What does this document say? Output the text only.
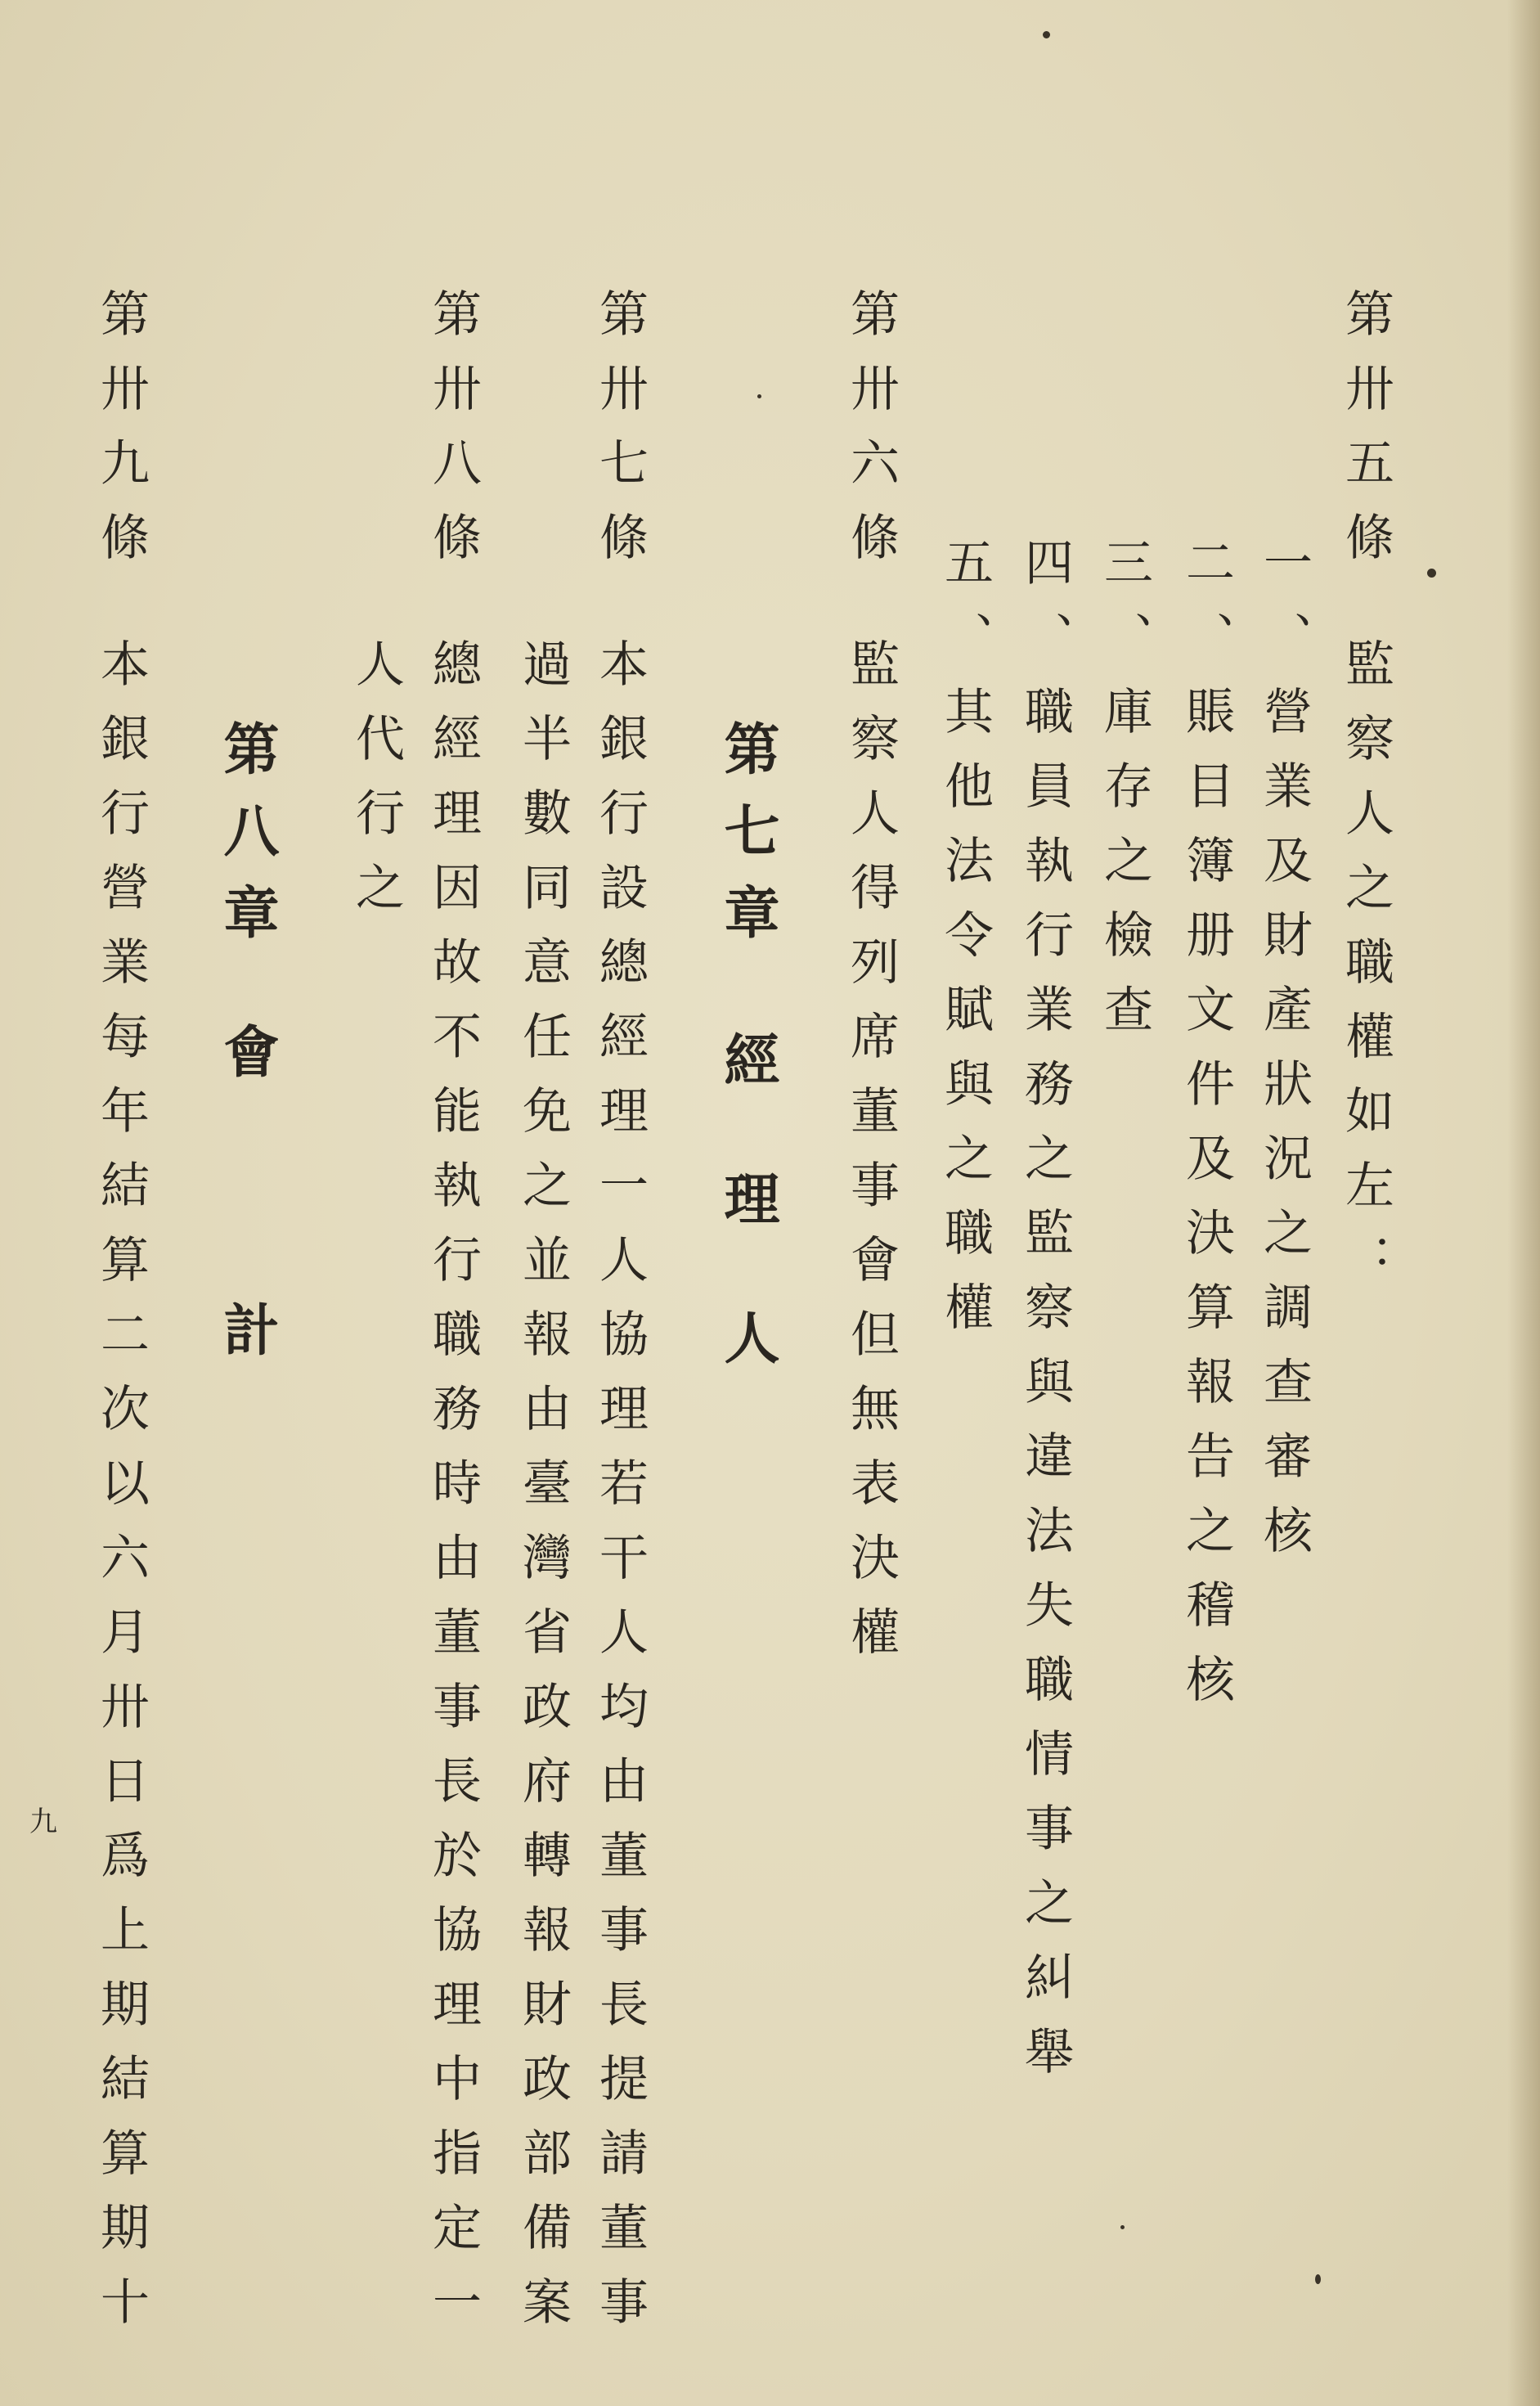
第卅五條
監察人之職權如左：
一、營業及財產狀況之調查審核
二、賬目簿册文件及決算報告之稽核
三、庫存之檢查
四、職員執行業務之監察與違法失職情事之糾舉
五、其他法令賦與之職權
第卅六條
監察人得列席董事會但無表決權
第
七
章
經
理
人
第卅七條
本銀行設總經理一人協理若干人均由董事長提請董事
過半數同意任免之並報由臺灣省政府轉報財政部備案
第卅八條
總經理因故不能執行職務時由董事長於協理中指定一
人代行之
第
八
章
會
計
第卅九條
本銀行營業每年結算二次以六月卅日爲上期結算期十
九
